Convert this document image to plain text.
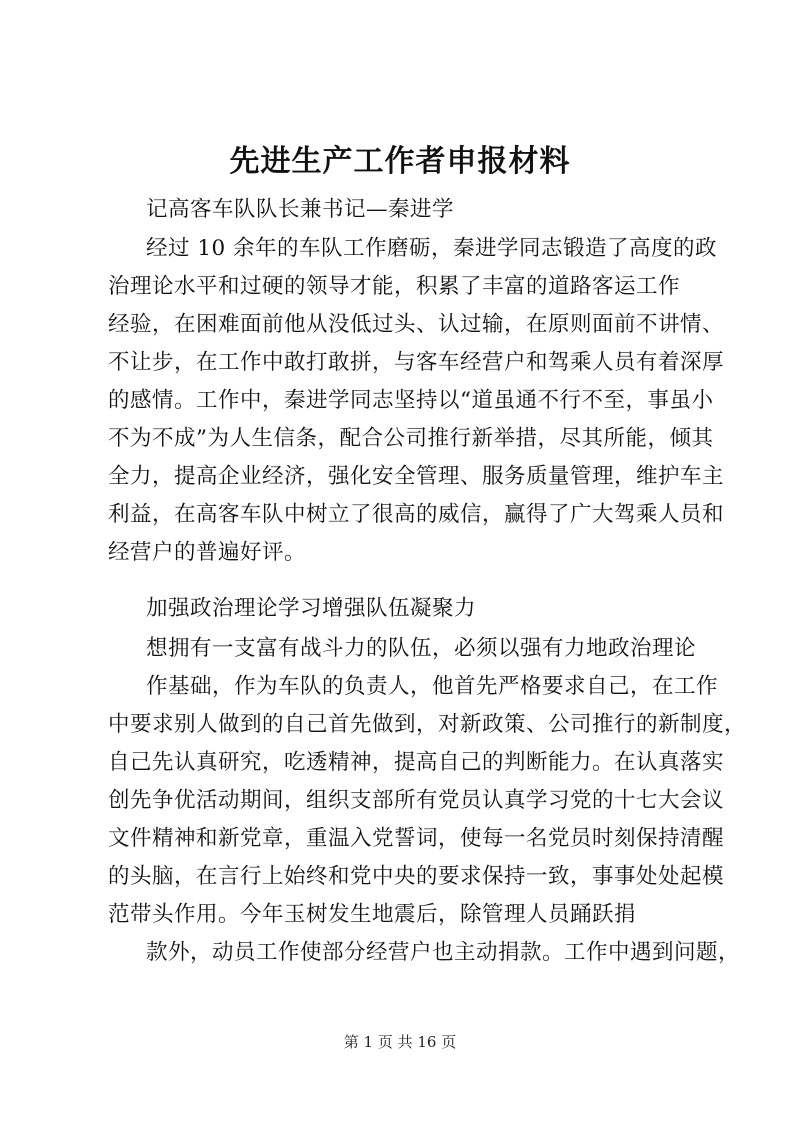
先进生产工作者申报材料
记高客车队队长兼书记—秦进学
经过 10 余年的车队工作磨砺，秦进学同志锻造了高度的政
治理论水平和过硬的领导才能，积累了丰富的道路客运工作
经验，在困难面前他从没低过头、认过输，在原则面前不讲情、
不让步，在工作中敢打敢拼，与客车经营户和驾乘人员有着深厚
的感情。工作中，秦进学同志坚持以“道虽通不行不至，事虽小
不为不成”为人生信条，配合公司推行新举措，尽其所能，倾其
全力，提高企业经济，强化安全管理、服务质量管理，维护车主
利益，在高客车队中树立了很高的威信，赢得了广大驾乘人员和
经营户的普遍好评。
加强政治理论学习增强队伍凝聚力
想拥有一支富有战斗力的队伍，必须以强有力地政治理论
作基础，作为车队的负责人，他首先严格要求自己，在工作
中要求别人做到的自己首先做到，对新政策、公司推行的新制度，
自己先认真研究，吃透精神，提高自己的判断能力。在认真落实
创先争优活动期间，组织支部所有党员认真学习党的十七大会议
文件精神和新党章，重温入党誓词，使每一名党员时刻保持清醒
的头脑，在言行上始终和党中央的要求保持一致，事事处处起模
范带头作用。今年玉树发生地震后，除管理人员踊跃捐
款外，动员工作使部分经营户也主动捐款。工作中遇到问题，
第 1 页 共 16 页
